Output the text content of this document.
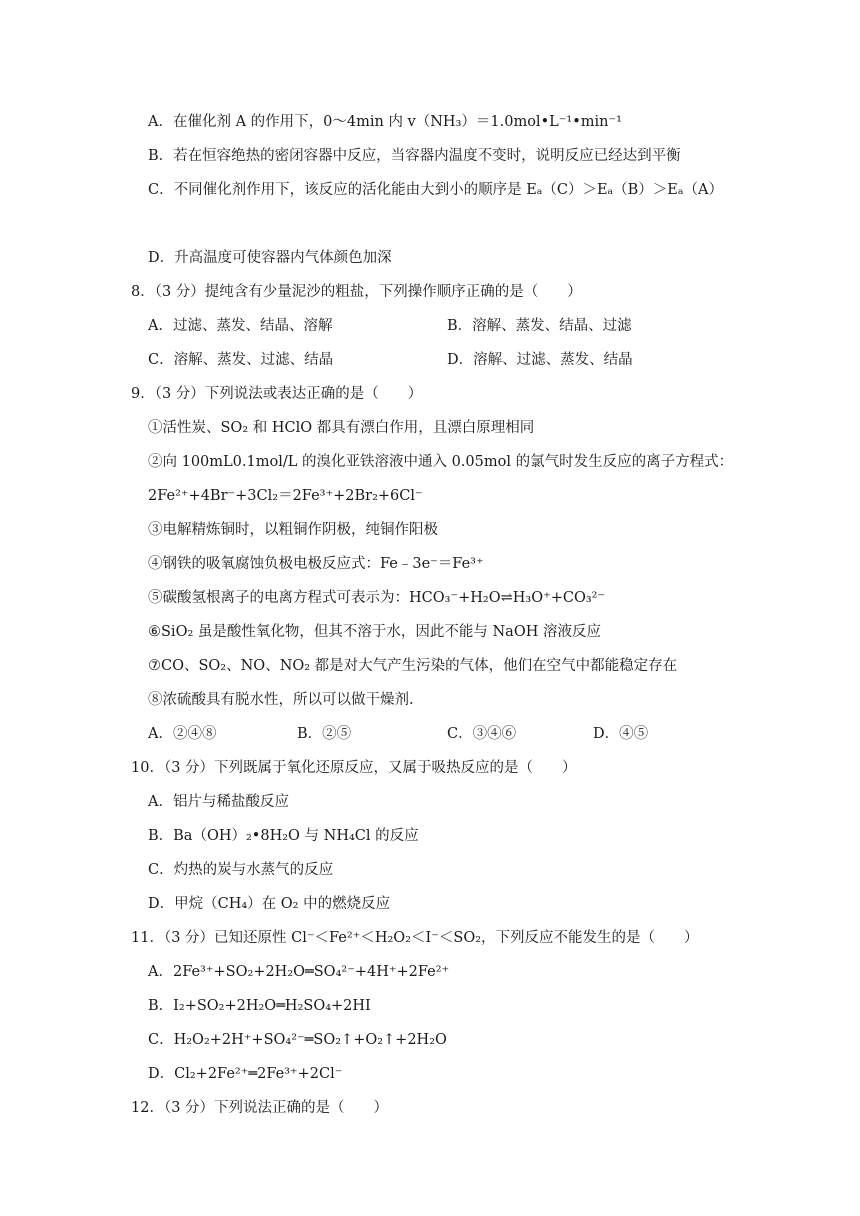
A．在催化剂 A 的作用下，0～4min 内 v（NH₃）＝1.0mol•L⁻¹•min⁻¹
B．若在恒容绝热的密闭容器中反应，当容器内温度不变时，说明反应已经达到平衡
C．不同催化剂作用下，该反应的活化能由大到小的顺序是 Eₐ（C）＞Eₐ（B）＞Eₐ（A）
D．升高温度可使容器内气体颜色加深
8．（3 分）提纯含有少量泥沙的粗盐，下列操作顺序正确的是（　　）
A．过滤、蒸发、结晶、溶解	B．溶解、蒸发、结晶、过滤
C．溶解、蒸发、过滤、结晶	D．溶解、过滤、蒸发、结晶
9．（3 分）下列说法或表达正确的是（　　）
①活性炭、SO₂ 和 HClO 都具有漂白作用，且漂白原理相同
②向 100mL0.1mol/L 的溴化亚铁溶液中通入 0.05mol 的氯气时发生反应的离子方程式：
2Fe²⁺+4Br⁻+3Cl₂＝2Fe³⁺+2Br₂+6Cl⁻
③电解精炼铜时，以粗铜作阴极，纯铜作阳极
④钢铁的吸氧腐蚀负极电极反应式：Fe﹣3e⁻＝Fe³⁺
⑤碳酸氢根离子的电离方程式可表示为：HCO₃⁻+H₂O⇌H₃O⁺+CO₃²⁻
⑥SiO₂ 虽是酸性氧化物，但其不溶于水，因此不能与 NaOH 溶液反应
⑦CO、SO₂、NO、NO₂ 都是对大气产生污染的气体，他们在空气中都能稳定存在
⑧浓硫酸具有脱水性，所以可以做干燥剂.
A．②④⑧	B．②⑤	C．③④⑥	D．④⑤
10．（3 分）下列既属于氧化还原反应，又属于吸热反应的是（　　）
A．铝片与稀盐酸反应
B．Ba（OH）₂•8H₂O 与 NH₄Cl 的反应
C．灼热的炭与水蒸气的反应
D．甲烷（CH₄）在 O₂ 中的燃烧反应
11．（3 分）已知还原性 Cl⁻＜Fe²⁺＜H₂O₂＜I⁻＜SO₂，下列反应不能发生的是（　　）
A．2Fe³⁺+SO₂+2H₂O═SO₄²⁻+4H⁺+2Fe²⁺
B．I₂+SO₂+2H₂O═H₂SO₄+2HI
C．H₂O₂+2H⁺+SO₄²⁻═SO₂↑+O₂↑+2H₂O
D．Cl₂+2Fe²⁺═2Fe³⁺+2Cl⁻
12．（3 分）下列说法正确的是（　　）
